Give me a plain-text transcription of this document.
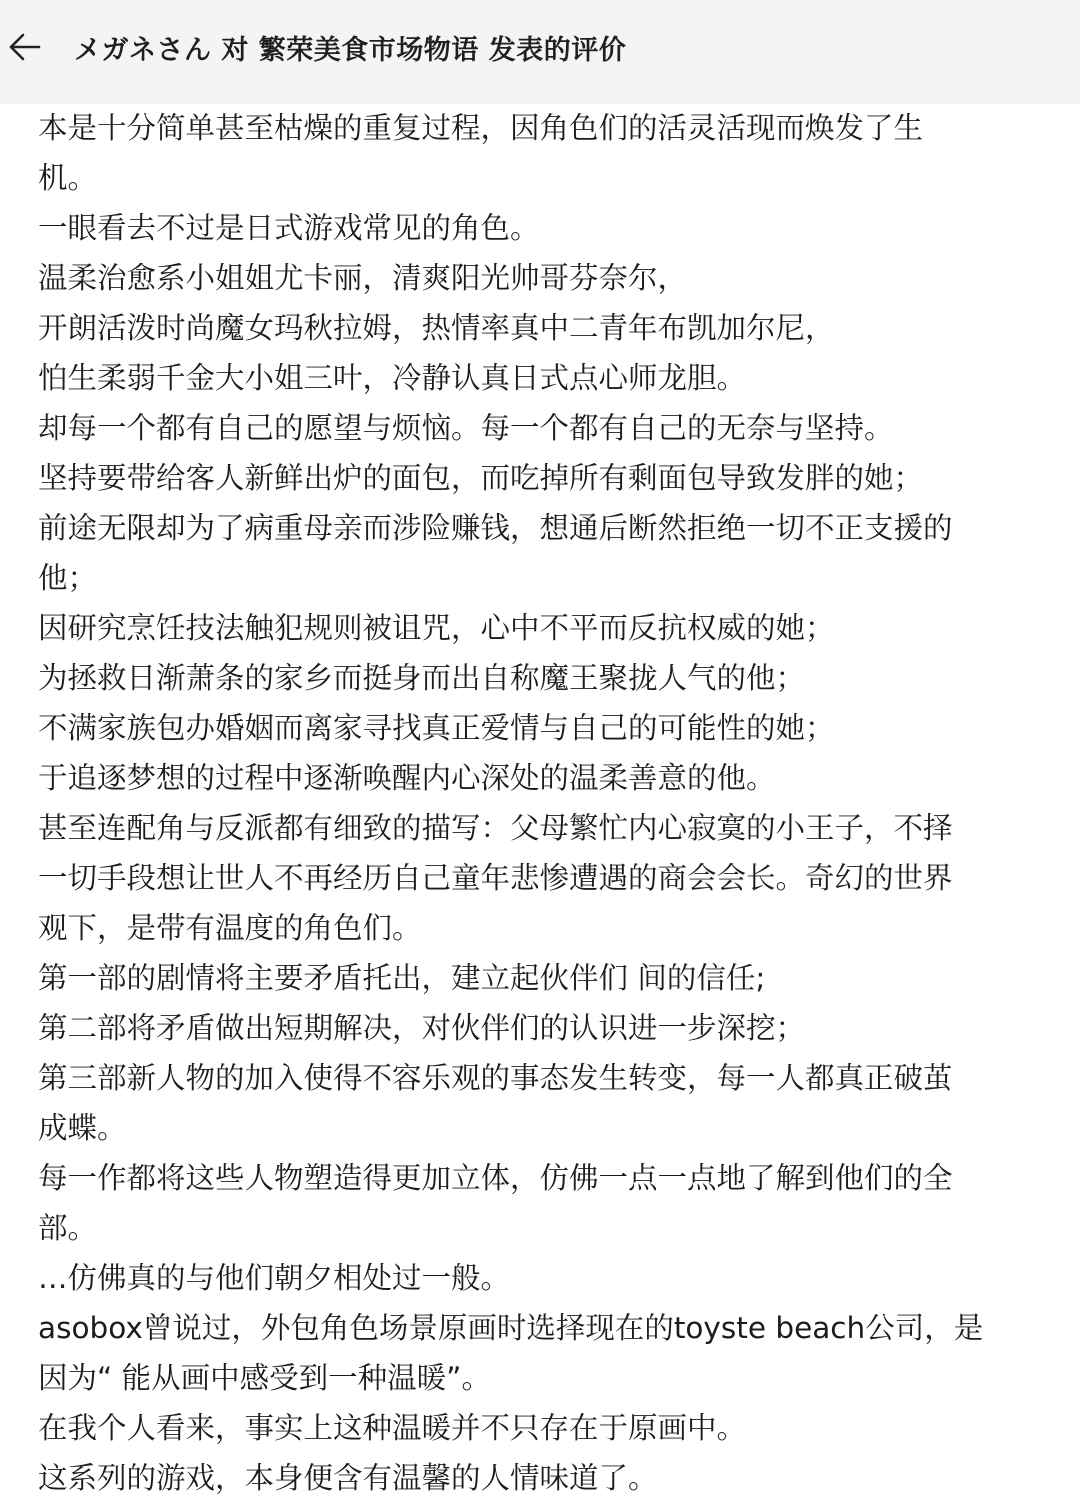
メガネさん 对 繁荣美食市场物语 发表的评价
本是十分简单甚至枯燥的重复过程，因角色们的活灵活现而焕发了生
机。
一眼看去不过是日式游戏常见的角色。
温柔治愈系小姐姐尤卡丽，清爽阳光帅哥芬奈尔，
开朗活泼时尚魔女玛秋拉姆，热情率真中二青年布凯加尔尼，
怕生柔弱千金大小姐三叶，冷静认真日式点心师龙胆。
却每一个都有自己的愿望与烦恼。每一个都有自己的无奈与坚持。
坚持要带给客人新鲜出炉的面包，而吃掉所有剩面包导致发胖的她；
前途无限却为了病重母亲而涉险赚钱，想通后断然拒绝一切不正支援的
他；
因研究烹饪技法触犯规则被诅咒，心中不平而反抗权威的她；
为拯救日渐萧条的家乡而挺身而出自称魔王聚拢人气的他；
不满家族包办婚姻而离家寻找真正爱情与自己的可能性的她；
于追逐梦想的过程中逐渐唤醒内心深处的温柔善意的他。
甚至连配角与反派都有细致的描写：父母繁忙内心寂寞的小王子，不择
一切手段想让世人不再经历自己童年悲惨遭遇的商会会长。奇幻的世界
观下，是带有温度的角色们。
第一部的剧情将主要矛盾托出，建立起伙伴们 间的信任;
第二部将矛盾做出短期解决，对伙伴们的认识进一步深挖；
第三部新人物的加入使得不容乐观的事态发生转变，每一人都真正破茧
成蝶。
每一作都将这些人物塑造得更加立体，仿佛一点一点地了解到他们的全
部。
…仿佛真的与他们朝夕相处过一般。
asobox曾说过，外包角色场景原画时选择现在的toyste beach公司，是
因为“ 能从画中感受到一种温暖”。
在我个人看来，事实上这种温暖并不只存在于原画中。
这系列的游戏，本身便含有温馨的人情味道了。
